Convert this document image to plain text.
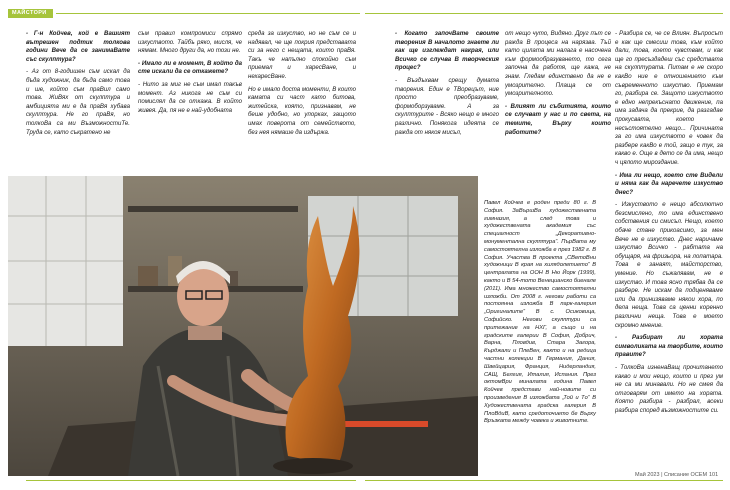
МАЙСТОРИ

- Г-н Койчев, кой е Вашият вътрешен подтик толкова години Вече да се занимаВате със скулптура?

- Аз от 8-годишен съм искал да бъда художник, да бъда само това и ше, който съм праВил само това. ЖиВях от скулптура и амбицията ми е да праВя хубава скулптура. Не го праВя, но толкоВа са ми ВъзможностиТе. Труда се, като съкратено не

съм правил компромиси спрямо изкуството. Тайбъ ряко, мисля, че нямам. Много други да, но този не.

- Имало ли е момент, В който да сте искали да се откажете?

- Нито за миг не съм имал такъв момент. Аз никога не съм си помислял да се откажа. В който живея. Да, пя не е най-удобната

среда за изкуство, но не съм се и надявал, че ще покрия представата си за него с нещата, които праВя. Такъ че напълно спокойно съм приемал и харесВане, и нехаресВане.

Но е имало доста моменти, В които камата си част като битова, житейска, която, признавам, не беше удобно, но упорках, защото имах поверота от семейството, без нея нямаше да издържа.

- Когато започВате своите творения В началото знаете ли как ще изглеждат накрая, или Всичко се случва В творческия процес?

- Въздъхвам срещу думата творения. Един е ТВорецът, ние просто преобразуваме, формоборзуваме. А за скулптурите - Всяко нещо е много различно. Понякога идеята се ражда от някоя мисъл,

от нещо чуто, Видяно. Друг път се ражда В процеса на нарязва. Тъй като цилата ми налага е насочена към формообразуването, то сега започна да работя, ще кажа, не знам. Гледам единствено да не е умозрително. Плаща се от умозрителното.

- Влияят ли събитията, които се случват у нас и по света, на темите, Върху които работите?

- Разбира се, че се Влиян. Въпросът е как ще смесиш това, към който дали, това, което чувствам, и как ще го пресъздадеш със средствата на скулптурата. Питам е не скоро какВо ние е отношението към съвременното изкуство. Приемам го, разбира се. Защото изкуството е едно непрекъснато движение, па има задача да прекрие, да разгадае прокусвата, което е несъстоятелно нещо... Причината за го има изкуството е човек да разбере какВо е той, защо е тук, за какво е. Още в дето се да има, нещо ч цялото мироздание.

- Има ли нещо, което сте Видели и няма как да наречете изкуство днес?

- Изкуството е нещо абсолютно безсмислено, то има единствено собствения си смисъл. Нещо, което обаче стане прикоасимо, за мен Вече не е изкуство. Днес наричаме изкуство Всичко - рабтата на обущаря, на фризьора, на лопатара. Това е занаят, майсторство, умение. Но съжалявам, не е изкуство. И това ясно трябва да се разбере. Не искам да подценяваме или да принизяваме някои хора, по дела неща. Това са ценни коренно различни неща. Това е моето скромно мнение.

- Разбират ли хората символиката на творбите, които правите?

- ТолкоВа изненаВащ прочитането какво и мои нещо, които и през ум не са ми минавали. Но не смея да отговарям от името на хората. Която разбира - разбрал, всеки разбира според възможностите си.

Май 2023 | Списание ОСЕМ 101
Павел Койчев е роден преди 80 г. В София. ЗаВършВа художествената гимназия, а след това и художествената академия със специалност „Декоративно-монументална скулптура“. ПърВата му самостоятелна изложба е през 1982 г. В София. Участва В проекта „СВетоВни художници В края на хилядолетието“ В централата на ООН В Ню Йорк (1999), както и В 54-тото Венецианско биенале (2011). Има множество самостоятелни изложби. От 2008 г. негови работи са постоянна изложба В парк-галерия „Оригиналите“ В с. Осиковица, Софийско. Негови скулптури са притежание на НХГ, а също и на градските галерии В София, Добрич, Варна, Пловдив, Стара Загора, Кърджали и ПлеВен, както и на редица частни колекции В Германия, Дания, Швейцария, Франция, Нидерландия, САЩ, Белгия, Италия, Испания. През октомВри миналата година Павел Койчев представи най-новите си произведения В изложбата „Той и Тo“ В Художествената градска галерия В ПлоВдиВ, като средоточието бе Върху Връзката между човека и живoтните.
